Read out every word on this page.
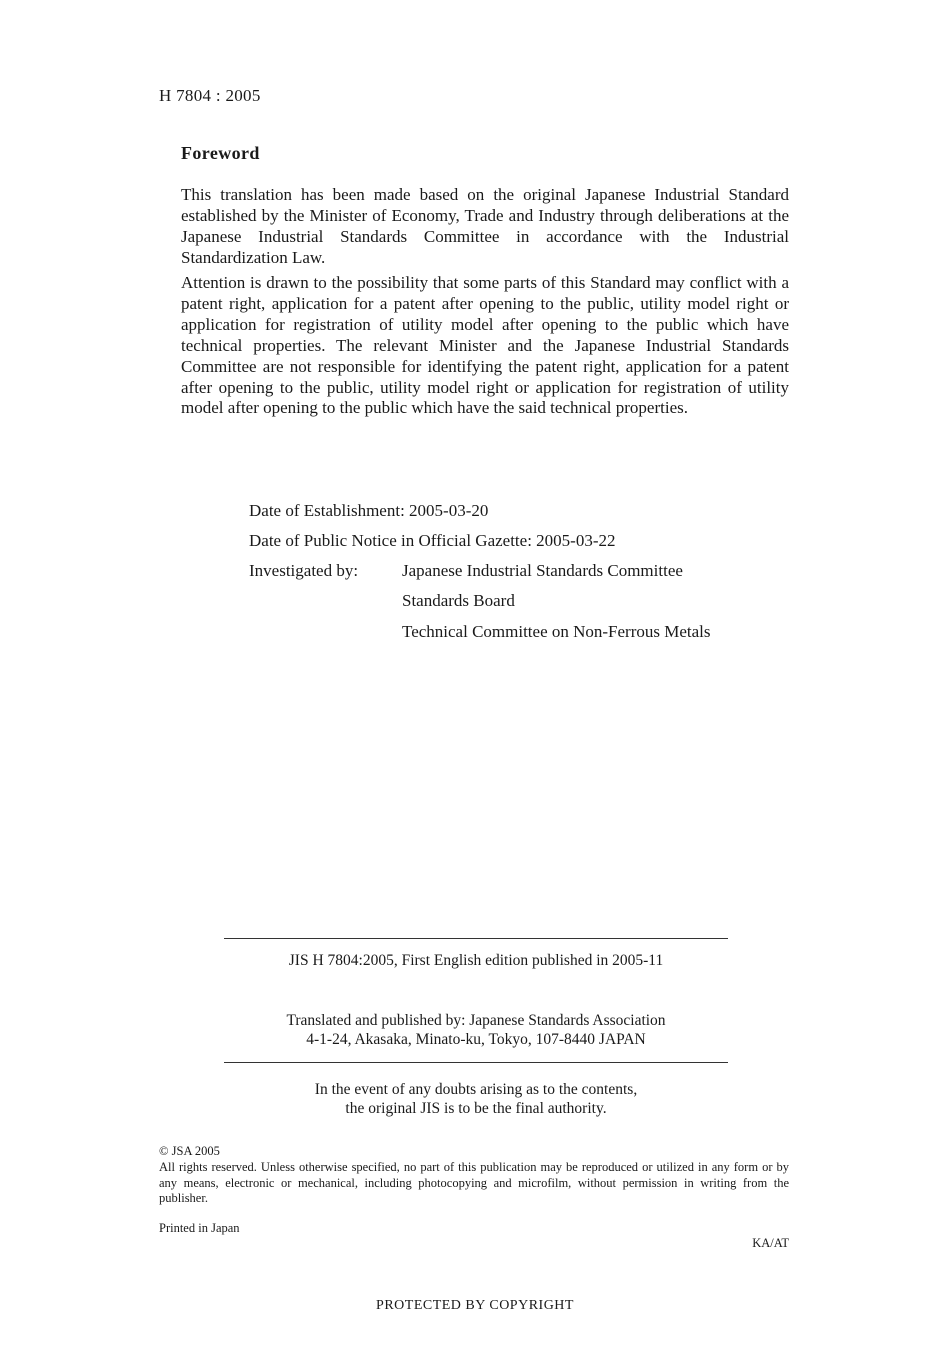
H 7804 : 2005
Foreword

This translation has been made based on the original Japanese Industrial Standard established by the Minister of Economy, Trade and Industry through deliberations at the Japanese Industrial Standards Committee in accordance with the Industrial Standardization Law.

Attention is drawn to the possibility that some parts of this Standard may conflict with a patent right, application for a patent after opening to the public, utility model right or application for registration of utility model after opening to the public which have technical properties. The relevant Minister and the Japanese Industrial Standards Committee are not responsible for identifying the patent right, application for a patent after opening to the public, utility model right or application for registration of utility model after opening to the public which have the said technical properties.

Date of Establishment: 2005-03-20
Date of Public Notice in Official Gazette: 2005-03-22
Investigated by:	Japanese Industrial Standards Committee
Standards Board
Technical Committee on Non-Ferrous Metals
JIS H 7804:2005, First English edition published in 2005-11
Translated and published by: Japanese Standards Association
4-1-24, Akasaka, Minato-ku, Tokyo, 107-8440 JAPAN
In the event of any doubts arising as to the contents,
the original JIS is to be the final authority.
© JSA 2005

All rights reserved. Unless otherwise specified, no part of this publication may be reproduced or utilized in any form or by any means, electronic or mechanical, including photocopying and microfilm, without permission in writing from the publisher.

Printed in Japan
KA/AT
PROTECTED BY COPYRIGHT
